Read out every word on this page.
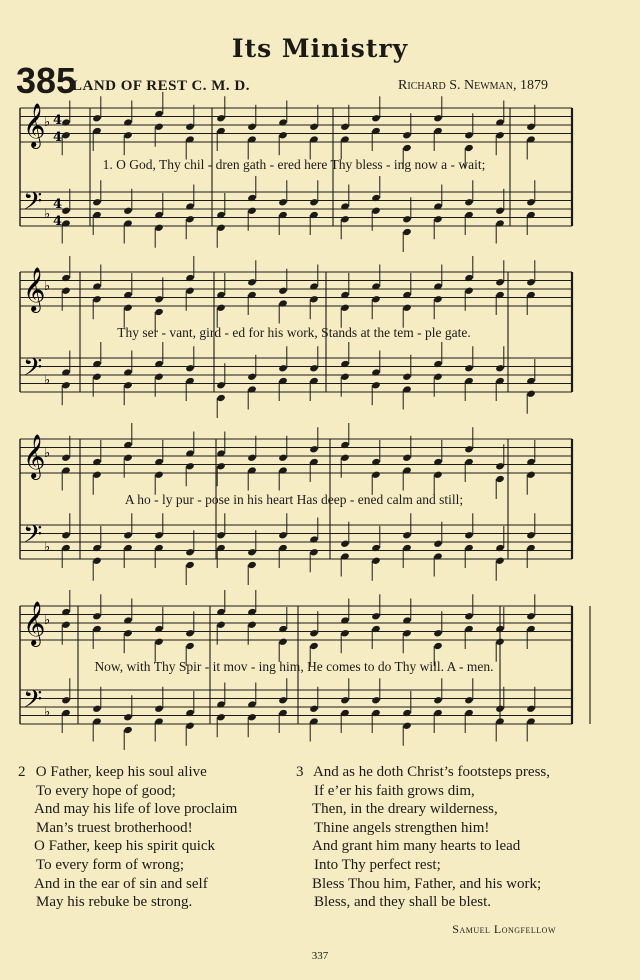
Its Ministry
385
LAND OF REST C. M. D.	Richard S. Newman, 1879
𝄞
♭ 4
4
𝄢 ♭
4
4
𝄞
♭
𝄢 ♭
𝄞
♭
𝄢 ♭
𝄞
♭
𝄢 ♭
1. O God, Thy chil - dren gath - ered here Thy bless - ing now a - wait;
Thy ser - vant, gird - ed for his work, Stands at the tem - ple gate.
A ho - ly pur - pose in his heart Has deep - ened calm and still;
Now, with Thy Spir - it mov - ing him, He comes to do Thy will. A - men.
2 O Father, keep his soul alive
To every hope of good;
And may his life of love proclaim
Man’s truest brotherhood!
O Father, keep his spirit quick
To every form of wrong;
And in the ear of sin and self
May his rebuke be strong.
3 And as he doth Christ’s footsteps press,
If e’er his faith grows dim,
Then, in the dreary wilderness,
Thine angels strengthen him!
And grant him many hearts to lead
Into Thy perfect rest;
Bless Thou him, Father, and his work;
Bless, and they shall be blest.
Samuel Longfellow
337
